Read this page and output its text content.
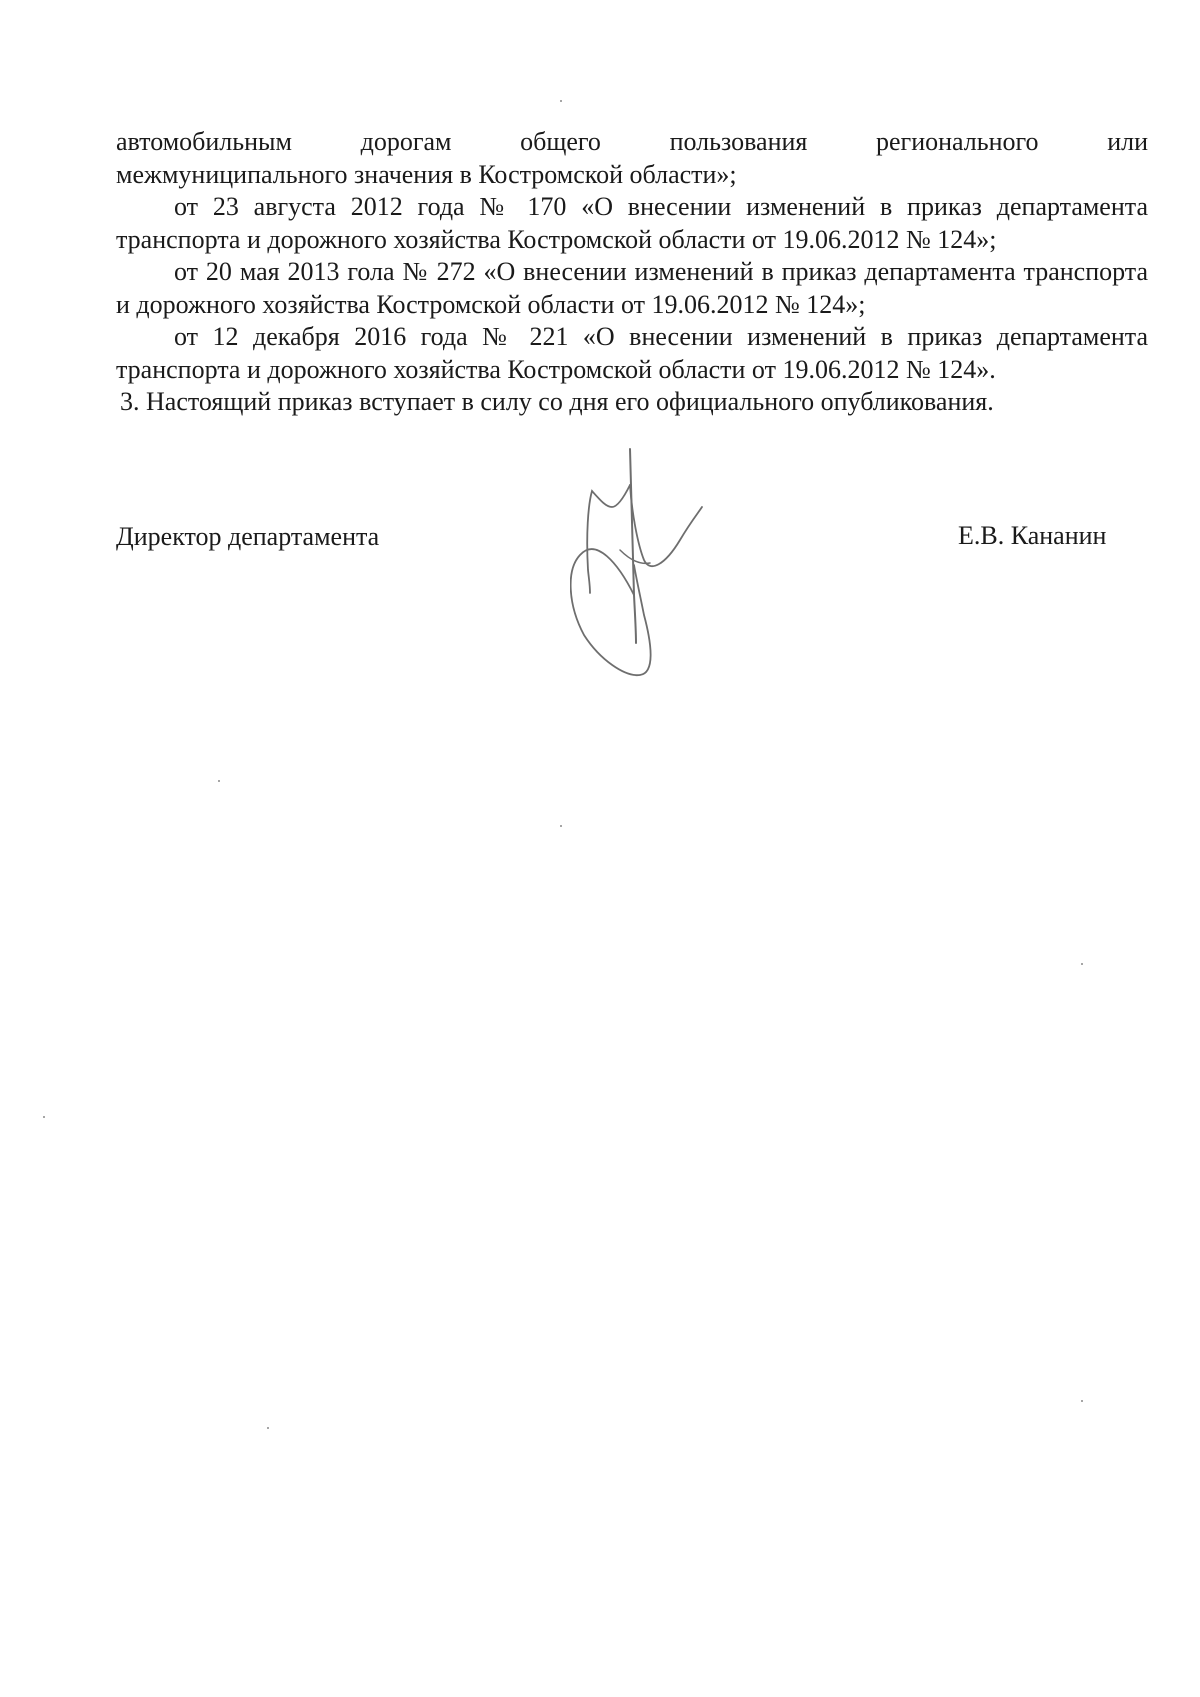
автомобильным дорогам общего пользования регионального или
межмуниципального значения в Костромской области»;

от 23 августа 2012 года № 170 «О внесении изменений в приказ департамента транспорта и дорожного хозяйства Костромской области от 19.06.2012 № 124»;

от 20 мая 2013 гола № 272 «О внесении изменений в приказ департамента транспорта и дорожного хозяйства Костромской области от 19.06.2012 № 124»;

от 12 декабря 2016 года № 221 «О внесении изменений в приказ департамента транспорта и дорожного хозяйства Костромской области от 19.06.2012 № 124».

3. Настоящий приказ вступает в силу со дня его официального опубликования.

Директор департамента	Е.В. Кананин
